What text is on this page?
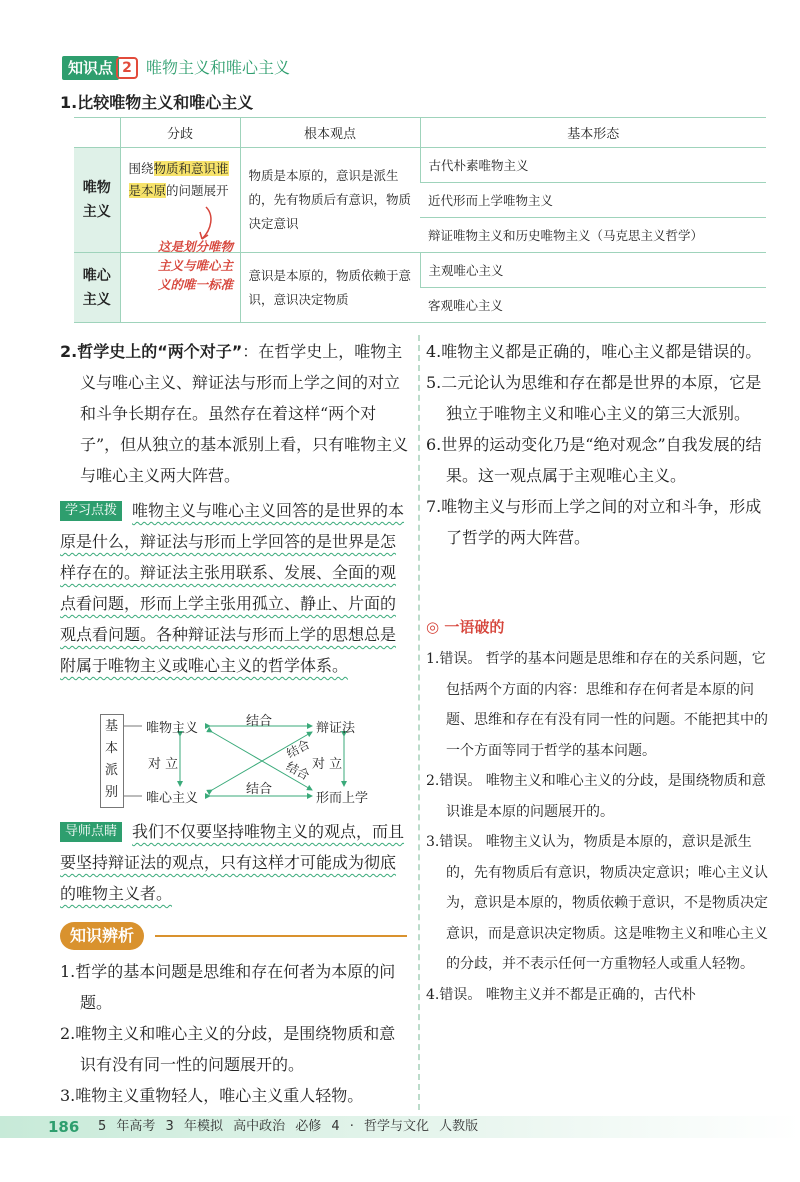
知识点 2 唯物主义和唯心主义
1.比较唯物主义和唯心主义
	分歧	根本观点	基本形态

唯物
主义	围绕物质和意识谁是本原的问题展开	物质是本原的，意识是派生的，先有物质后有意识，物质决定意识	古代朴素唯物主义
			近代形而上学唯物主义
			辩证唯物主义和历史唯物主义（马克思主义哲学）

唯心
主义		意识是本原的，物质依赖于意识，意识决定物质	主观唯心主义
			客观唯心主义
这是划分唯物主义与唯心主义的唯一标准

2.哲学史上的“两个对子”：在哲学史上，唯物主义与唯心主义、辩证法与形而上学之间的对立和斗争长期存在。虽然存在着这样“两个对子”，但从独立的基本派别上看，只有唯物主义与唯心主义两大阵营。

学习点拨 唯物主义与唯心主义回答的是世界的本原是什么，辩证法与形而上学回答的是世界是怎样存在的。辩证法主张用联系、发展、全面的观点看问题，形而上学主张用孤立、静止、片面的观点看问题。各种辩证法与形而上学的思想总是附属于唯物主义或唯心主义的哲学体系。

基
本
派
别
唯物主义
唯心主义
辩证法
形而上学
结合
结合
结合
结合
对 立	对 立
导师点睛 我们不仅要坚持唯物主义的观点，而且要坚持辩证法的观点，只有这样才可能成为彻底的唯物主义者。
知识辨析

1.哲学的基本问题是思维和存在何者为本原的问题。

2.唯物主义和唯心主义的分歧，是围绕物质和意识有没有同一性的问题展开的。

3.唯物主义重物轻人，唯心主义重人轻物。

4.唯物主义都是正确的，唯心主义都是错误的。

5.二元论认为思维和存在都是世界的本原，它是独立于唯物主义和唯心主义的第三大派别。

6.世界的运动变化乃是“绝对观念”自我发展的结果。这一观点属于主观唯心主义。

7.唯物主义与形而上学之间的对立和斗争，形成了哲学的两大阵营。

◎ 一语破的

1.错误。 哲学的基本问题是思维和存在的关系问题，它包括两个方面的内容：思维和存在何者是本原的问题、思维和存在有没有同一性的问题。不能把其中的一个方面等同于哲学的基本问题。

2.错误。 唯物主义和唯心主义的分歧，是围绕物质和意识谁是本原的问题展开的。

3.错误。 唯物主义认为，物质是本原的，意识是派生的，先有物质后有意识，物质决定意识；唯心主义认为，意识是本原的，物质依赖于意识，不是物质决定意识，而是意识决定物质。这是唯物主义和唯心主义的分歧，并不表示任何一方重物轻人或重人轻物。

4.错误。 唯物主义并不都是正确的，古代朴

186 5 年高考 3 年模拟 高中政治 必修 4 · 哲学与文化 人教版
